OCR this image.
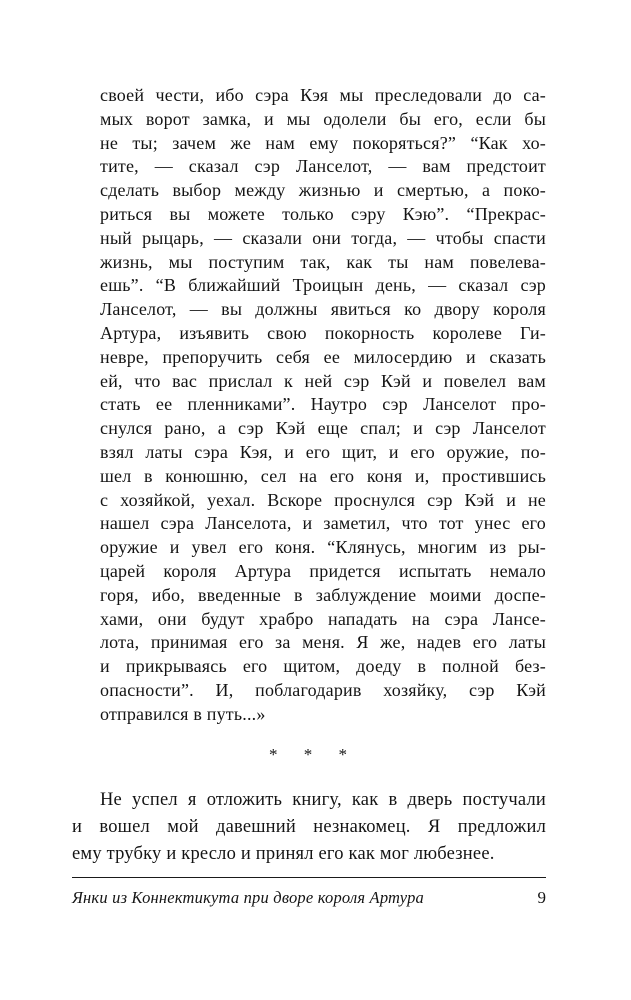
своей чести, ибо сэра Кэя мы преследовали до са-
мых ворот замка, и мы одолели бы его, если бы
не ты; зачем же нам ему покоряться?” “Как хо-
тите, — сказал сэр Ланселот, — вам предстоит
сделать выбор между жизнью и смертью, а поко-
риться вы можете только сэру Кэю”. “Прекрас-
ный рыцарь, — сказали они тогда, — чтобы спасти
жизнь, мы поступим так, как ты нам повелева-
ешь”. “В ближайший Троицын день, — сказал сэр
Ланселот, — вы должны явиться ко двору короля
Артура, изъявить свою покорность королеве Ги-
невре, препоручить себя ее милосердию и сказать
ей, что вас прислал к ней сэр Кэй и повелел вам
стать ее пленниками”. Наутро сэр Ланселот про-
снулся рано, а сэр Кэй еще спал; и сэр Ланселот
взял латы сэра Кэя, и его щит, и его оружие, по-
шел в конюшню, сел на его коня и, простившись
с хозяйкой, уехал. Вскоре проснулся сэр Кэй и не
нашел сэра Ланселота, и заметил, что тот унес его
оружие и увел его коня. “Клянусь, многим из ры-
царей короля Артура придется испытать немало
горя, ибо, введенные в заблуждение моими доспе-
хами, они будут храбро нападать на сэра Лансе-
лота, принимая его за меня. Я же, надев его латы
и прикрываясь его щитом, доеду в полной без-
опасности”. И, поблагодарив хозяйку, сэр Кэй
отправился в путь...»
* * *
Не успел я отложить книгу, как в дверь постучали
и вошел мой давешний незнакомец. Я предложил
ему трубку и кресло и принял его как мог любезнее.
Янки из Коннектикута при дворе короля Артура	9
